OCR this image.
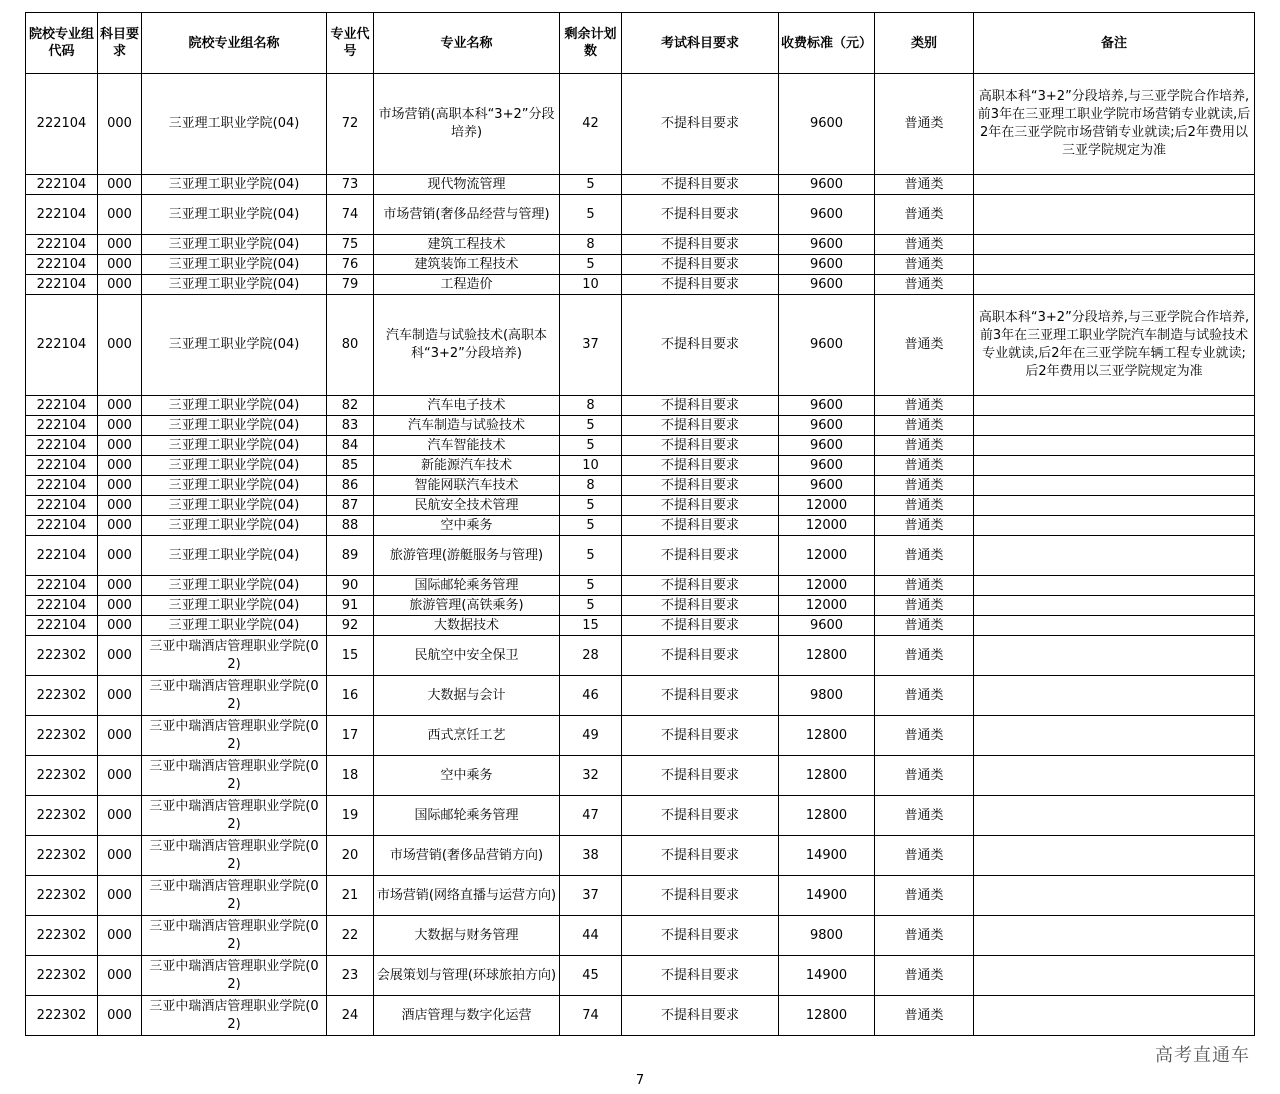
院校专业组代码	科目要求	院校专业组名称	专业代号	专业名称	剩余计划数	考试科目要求	收费标准（元）	类别	备注
222104	000	三亚理工职业学院(04)	72	市场营销(高职本科“3+2”分段培养)	42	不提科目要求	9600	普通类	高职本科“3+2”分段培养,与三亚学院合作培养,前3年在三亚理工职业学院市场营销专业就读,后2年在三亚学院市场营销专业就读;后2年费用以三亚学院规定为准
222104	000	三亚理工职业学院(04)	73	现代物流管理	5	不提科目要求	9600	普通类	
222104	000	三亚理工职业学院(04)	74	市场营销(奢侈品经营与管理)	5	不提科目要求	9600	普通类	
222104	000	三亚理工职业学院(04)	75	建筑工程技术	8	不提科目要求	9600	普通类	
222104	000	三亚理工职业学院(04)	76	建筑装饰工程技术	5	不提科目要求	9600	普通类	
222104	000	三亚理工职业学院(04)	79	工程造价	10	不提科目要求	9600	普通类	
222104	000	三亚理工职业学院(04)	80	汽车制造与试验技术(高职本科“3+2”分段培养)	37	不提科目要求	9600	普通类	高职本科“3+2”分段培养,与三亚学院合作培养,前3年在三亚理工职业学院汽车制造与试验技术专业就读,后2年在三亚学院车辆工程专业就读;后2年费用以三亚学院规定为准
222104	000	三亚理工职业学院(04)	82	汽车电子技术	8	不提科目要求	9600	普通类	
222104	000	三亚理工职业学院(04)	83	汽车制造与试验技术	5	不提科目要求	9600	普通类	
222104	000	三亚理工职业学院(04)	84	汽车智能技术	5	不提科目要求	9600	普通类	
222104	000	三亚理工职业学院(04)	85	新能源汽车技术	10	不提科目要求	9600	普通类	
222104	000	三亚理工职业学院(04)	86	智能网联汽车技术	8	不提科目要求	9600	普通类	
222104	000	三亚理工职业学院(04)	87	民航安全技术管理	5	不提科目要求	12000	普通类	
222104	000	三亚理工职业学院(04)	88	空中乘务	5	不提科目要求	12000	普通类	
222104	000	三亚理工职业学院(04)	89	旅游管理(游艇服务与管理)	5	不提科目要求	12000	普通类	
222104	000	三亚理工职业学院(04)	90	国际邮轮乘务管理	5	不提科目要求	12000	普通类	
222104	000	三亚理工职业学院(04)	91	旅游管理(高铁乘务)	5	不提科目要求	12000	普通类	
222104	000	三亚理工职业学院(04)	92	大数据技术	15	不提科目要求	9600	普通类	
222302	000	三亚中瑞酒店管理职业学院(02)	15	民航空中安全保卫	28	不提科目要求	12800	普通类	
222302	000	三亚中瑞酒店管理职业学院(02)	16	大数据与会计	46	不提科目要求	9800	普通类	
222302	000	三亚中瑞酒店管理职业学院(02)	17	西式烹饪工艺	49	不提科目要求	12800	普通类	
222302	000	三亚中瑞酒店管理职业学院(02)	18	空中乘务	32	不提科目要求	12800	普通类	
222302	000	三亚中瑞酒店管理职业学院(02)	19	国际邮轮乘务管理	47	不提科目要求	12800	普通类	
222302	000	三亚中瑞酒店管理职业学院(02)	20	市场营销(奢侈品营销方向)	38	不提科目要求	14900	普通类	
222302	000	三亚中瑞酒店管理职业学院(02)	21	市场营销(网络直播与运营方向)	37	不提科目要求	14900	普通类	
222302	000	三亚中瑞酒店管理职业学院(02)	22	大数据与财务管理	44	不提科目要求	9800	普通类	
222302	000	三亚中瑞酒店管理职业学院(02)	23	会展策划与管理(环球旅拍方向)	45	不提科目要求	14900	普通类	
222302	000	三亚中瑞酒店管理职业学院(02)	24	酒店管理与数字化运营	74	不提科目要求	12800	普通类	
7
高考直通车
